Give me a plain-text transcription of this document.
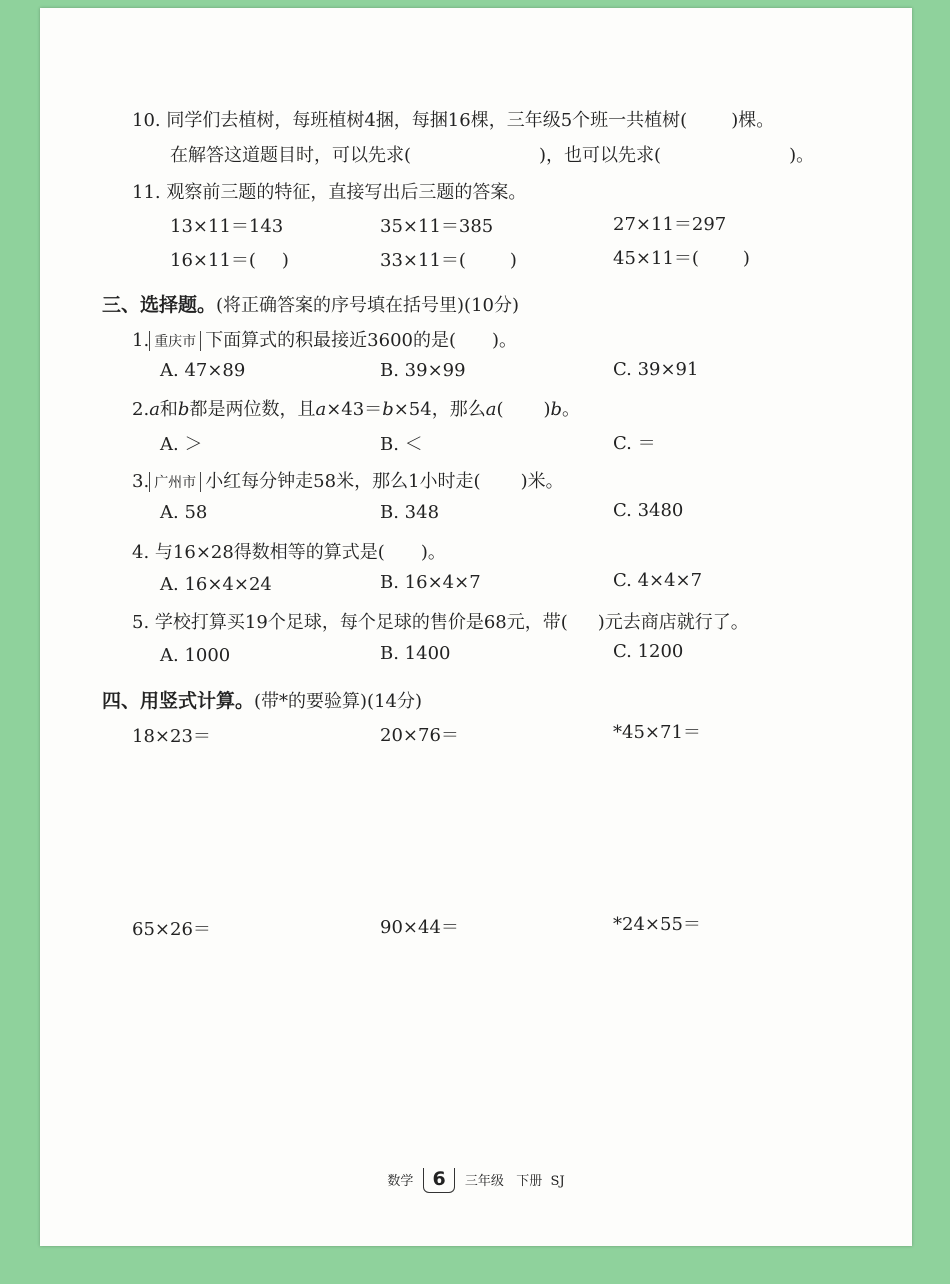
10. 同学们去植树，每班植树4捆，每捆16棵，三年级5个班一共植树( )棵。
在解答这道题目时，可以先求(	)，也可以先求(	)。
11. 观察前三题的特征，直接写出后三题的答案。
13×11＝143	35×11＝385	27×11＝297
16×11＝( )	33×11＝( )	45×11＝( )
三、选择题。(将正确答案的序号填在括号里)(10分)
1. 重庆市 下面算式的积最接近3600的是( )。
A. 47×89	B. 39×99	C. 39×91
2.a和b都是两位数，且a×43＝b×54，那么a( )b。
A. ＞	B. ＜	C. ＝
3. 广州市 小红每分钟走58米，那么1小时走( )米。
A. 58	B. 348	C. 3480
4. 与16×28得数相等的算式是( )。
A. 16×4×24	B. 16×4×7	C. 4×4×7
5. 学校打算买19个足球，每个足球的售价是68元，带( )元去商店就行了。
A. 1000	B. 1400	C. 1200
四、用竖式计算。(带*的要验算)(14分)
18×23＝	20×76＝	*45×71＝
65×26＝	90×44＝	*24×55＝
数学 6 三年级 下册 SJ
